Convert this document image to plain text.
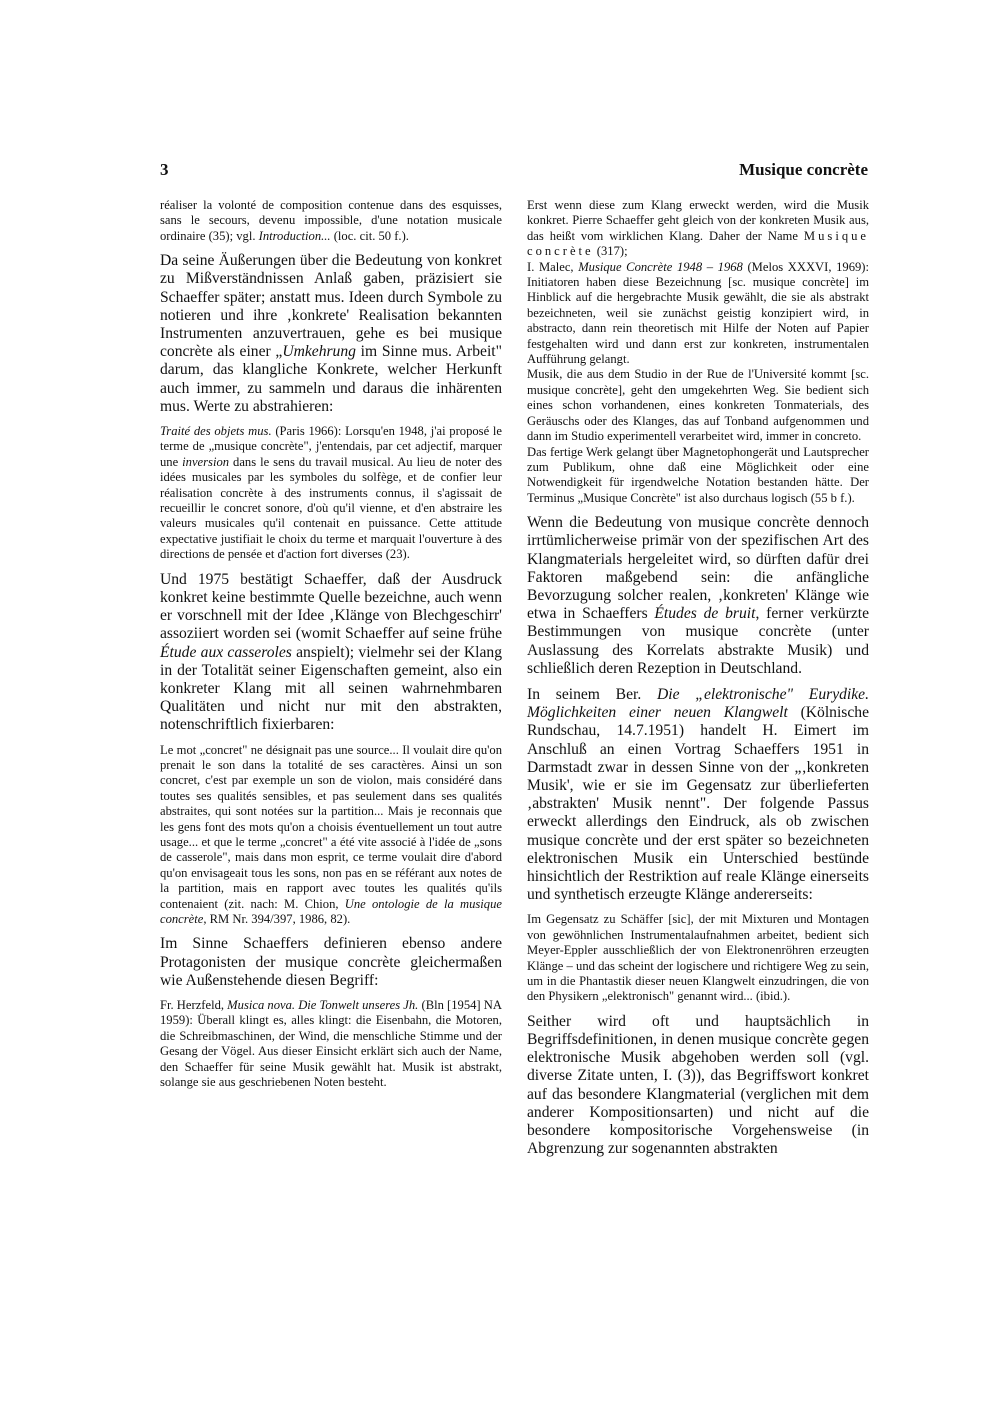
3	Musique concrète

réaliser la volonté de composition contenue dans des esquisses, sans le secours, devenu impossible, d'une notation musicale ordinaire (35); vgl. Introduction... (loc. cit. 50 f.).

Da seine Äußerungen über die Bedeutung von konkret zu Mißverständnissen Anlaß gaben, präzisiert sie Schaeffer später; anstatt mus. Ideen durch Symbole zu notieren und ihre ‚konkrete' Realisation bekannten Instrumenten anzuvertrauen, gehe es bei musique concrète als einer „Umkehrung im Sinne mus. Arbeit" darum, das klangliche Konkrete, welcher Herkunft auch immer, zu sammeln und daraus die inhärenten mus. Werte zu abstrahieren:

Traité des objets mus. (Paris 1966): Lorsqu'en 1948, j'ai proposé le terme de „musique concrète", j'entendais, par cet adjectif, marquer une inversion dans le sens du travail musical. Au lieu de noter des idées musicales par les symboles du solfège, et de confier leur réalisation concrète à des instruments connus, il s'agissait de recueillir le concret sonore, d'où qu'il vienne, et d'en abstraire les valeurs musicales qu'il contenait en puissance. Cette attitude expectative justifiait le choix du terme et marquait l'ouverture à des directions de pensée et d'action fort diverses (23).

Und 1975 bestätigt Schaeffer, daß der Ausdruck konkret keine bestimmte Quelle bezeichne, auch wenn er vorschnell mit der Idee ‚Klänge von Blechgeschirr' assoziiert worden sei (womit Schaeffer auf seine frühe Étude aux casseroles anspielt); vielmehr sei der Klang in der Totalität seiner Eigenschaften gemeint, also ein konkreter Klang mit all seinen wahrnehmbaren Qualitäten und nicht nur mit den abstrakten, notenschriftlich fixierbaren:

Le mot „concret" ne désignait pas une source... Il voulait dire qu'on prenait le son dans la totalité de ses caractères. Ainsi un son concret, c'est par exemple un son de violon, mais considéré dans toutes ses qualités sensibles, et pas seulement dans ses qualités abstraites, qui sont notées sur la partition... Mais je reconnais que les gens font des mots qu'on a choisis éventuellement un tout autre usage... et que le terme „concret" a été vite associé à l'idée de „sons de casserole", mais dans mon esprit, ce terme voulait dire d'abord qu'on envisageait tous les sons, non pas en se référant aux notes de la partition, mais en rapport avec toutes les qualités qu'ils contenaient (zit. nach: M. Chion, Une ontologie de la musique concrète, RM Nr. 394/397, 1986, 82).

Im Sinne Schaeffers definieren ebenso andere Protagonisten der musique concrète gleichermaßen wie Außenstehende diesen Begriff:

Fr. Herzfeld, Musica nova. Die Tonwelt unseres Jh. (Bln [1954] NA 1959): Überall klingt es, alles klingt: die Eisenbahn, die Motoren, die Schreibmaschinen, der Wind, die menschliche Stimme und der Gesang der Vögel. Aus dieser Einsicht erklärt sich auch der Name, den Schaeffer für seine Musik gewählt hat. Musik ist abstrakt, solange sie aus geschriebenen Noten besteht.

Erst wenn diese zum Klang erweckt werden, wird die Musik konkret. Pierre Schaeffer geht gleich von der konkreten Musik aus, das heißt vom wirklichen Klang. Daher der Name Musique concrète (317);

I. Malec, Musique Concrète 1948 – 1968 (Melos XXXVI, 1969): Initiatoren haben diese Bezeichnung [sc. musique concrète] im Hinblick auf die hergebrachte Musik gewählt, die sie als abstrakt bezeichneten, weil sie zunächst geistig konzipiert wird, in abstracto, dann rein theoretisch mit Hilfe der Noten auf Papier festgehalten wird und dann erst zur konkreten, instrumentalen Aufführung gelangt.

Musik, die aus dem Studio in der Rue de l'Université kommt [sc. musique concrète], geht den umgekehrten Weg. Sie bedient sich eines schon vorhandenen, eines konkreten Tonmaterials, des Geräuschs oder des Klanges, das auf Tonband aufgenommen und dann im Studio experimentell verarbeitet wird, immer in concreto.

Das fertige Werk gelangt über Magnetophongerät und Lautsprecher zum Publikum, ohne daß eine Möglichkeit oder eine Notwendigkeit für irgendwelche Notation bestanden hätte. Der Terminus „Musique Concrète" ist also durchaus logisch (55 b f.).

Wenn die Bedeutung von musique concrète dennoch irrtümlicherweise primär von der spezifischen Art des Klangmaterials hergeleitet wird, so dürften dafür drei Faktoren maßgebend sein: die anfängliche Bevorzugung solcher realen, ‚konkreten' Klänge wie etwa in Schaeffers Études de bruit, ferner verkürzte Bestimmungen von musique concrète (unter Auslassung des Korrelats abstrakte Musik) und schließlich deren Rezeption in Deutschland.

In seinem Ber. Die „elektronische" Eurydike. Möglichkeiten einer neuen Klangwelt (Kölnische Rundschau, 14.7.1951) handelt H. Eimert im Anschluß an einen Vortrag Schaeffers 1951 in Darmstadt zwar in dessen Sinne von der „‚konkreten Musik', wie er sie im Gegensatz zur überlieferten ‚abstrakten' Musik nennt". Der folgende Passus erweckt allerdings den Eindruck, als ob zwischen musique concrète und der erst später so bezeichneten elektronischen Musik ein Unterschied bestünde hinsichtlich der Restriktion auf reale Klänge einerseits und synthetisch erzeugte Klänge andererseits:

Im Gegensatz zu Schäffer [sic], der mit Mixturen und Montagen von gewöhnlichen Instrumentalaufnahmen arbeitet, bedient sich Meyer-Eppler ausschließlich der von Elektronenröhren erzeugten Klänge – und das scheint der logischere und richtigere Weg zu sein, um in die Phantastik dieser neuen Klangwelt einzudringen, die von den Physikern „elektronisch" genannt wird... (ibid.).

Seither wird oft und hauptsächlich in Begriffsdefinitionen, in denen musique concrète gegen elektronische Musik abgehoben werden soll (vgl. diverse Zitate unten, I. (3)), das Begriffswort konkret auf das besondere Klangmaterial (verglichen mit dem anderer Kompositionsarten) und nicht auf die besondere kompositorische Vorgehensweise (in Abgrenzung zur sogenannten abstrakten
